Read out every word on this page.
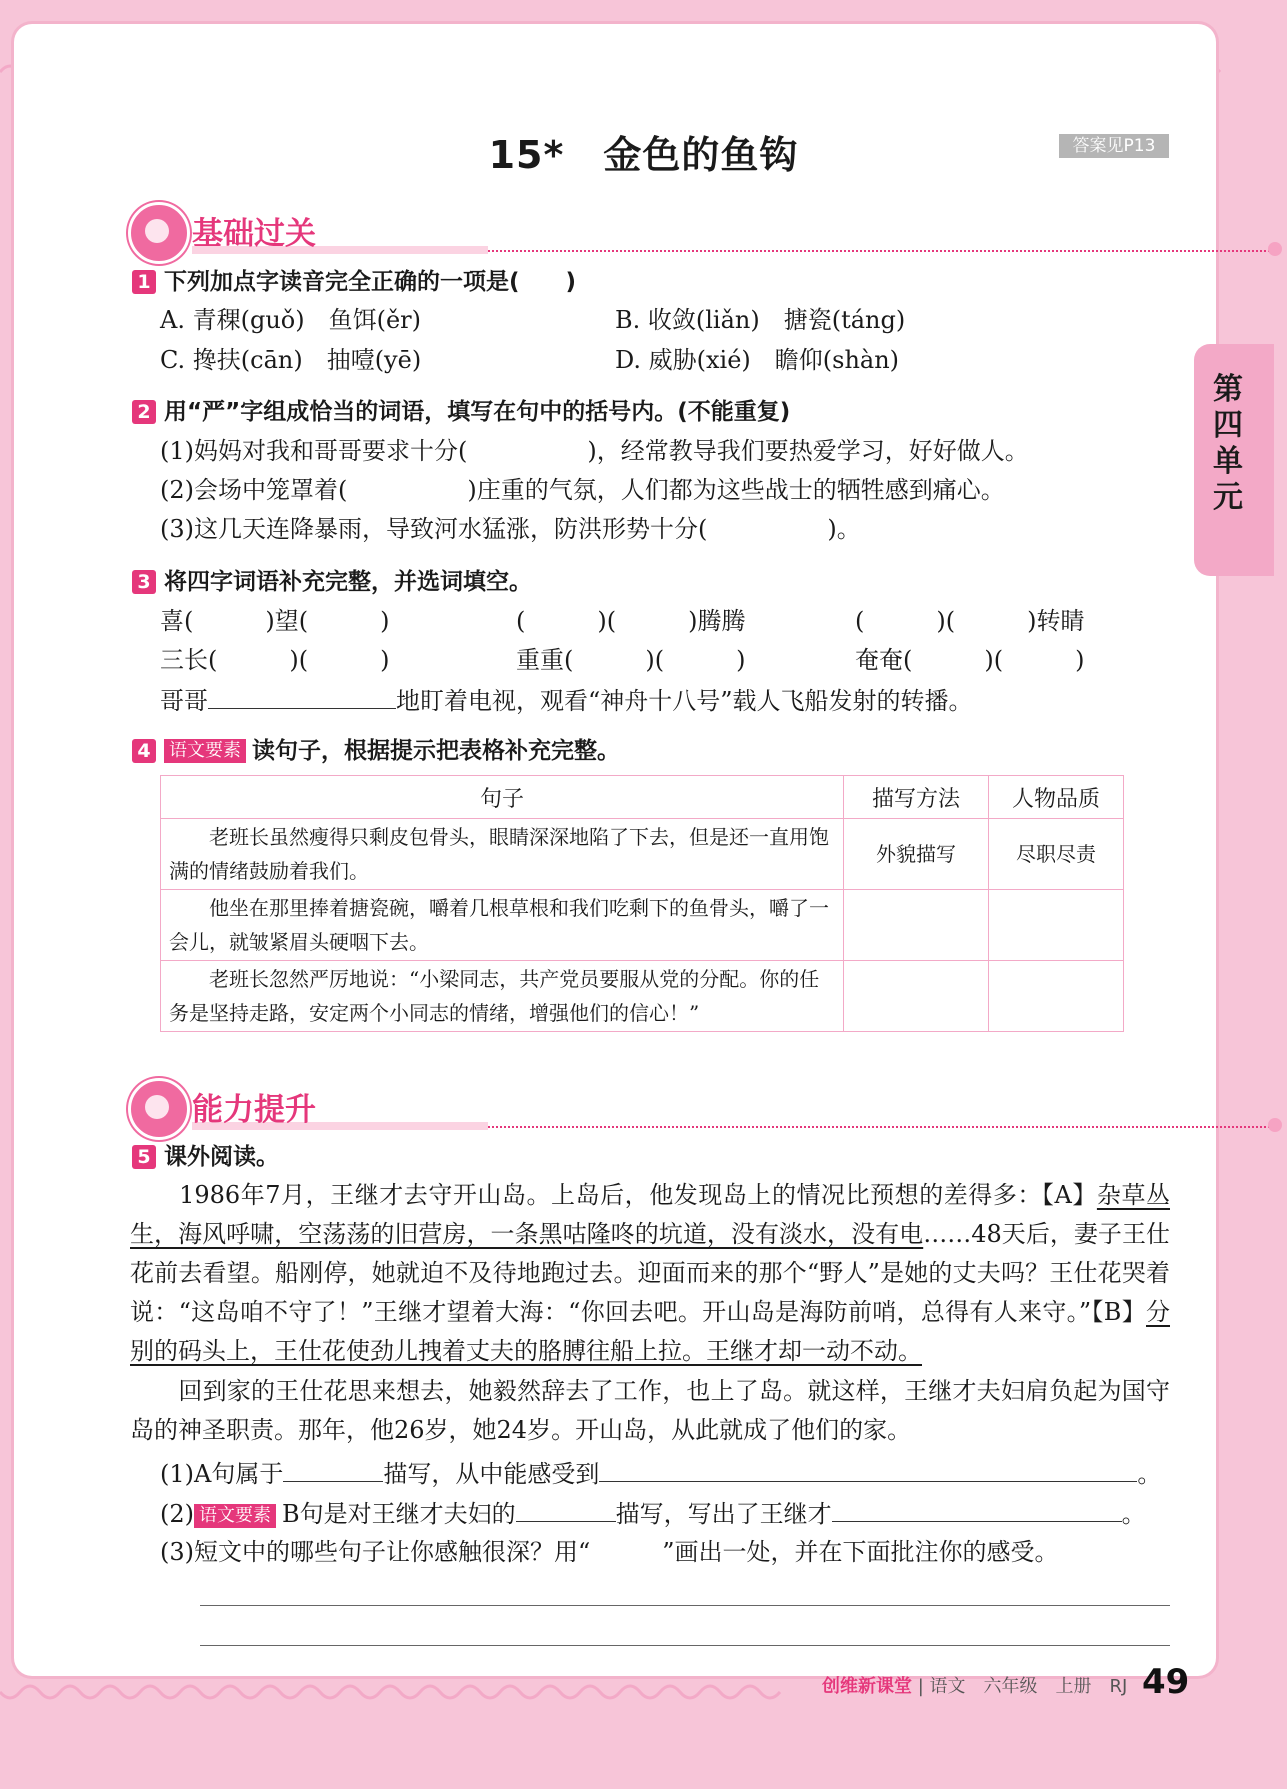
第四单元
15*　金色的鱼钩	答案见P13
基础过关
1 下列加点字读音完全正确的一项是(　　)
A. 青稞(guǒ)　鱼饵(ěr)	B. 收敛(liǎn)　搪瓷(táng)
C. 搀扶(cān)　抽噎(yē)	D. 威胁(xié)　瞻仰(shàn)
2 用“严”字组成恰当的词语，填写在句中的括号内。(不能重复)
(1)妈妈对我和哥哥要求十分(　　　　　)，经常教导我们要热爱学习，好好做人。
(2)会场中笼罩着(　　　　　)庄重的气氛，人们都为这些战士的牺牲感到痛心。
(3)这几天连降暴雨，导致河水猛涨，防洪形势十分(　　　　　)。
3 将四字词语补充完整，并选词填空。
喜(　　　)望(　　　)	(　　　)(　　　)腾腾	(　　　)(　　　)转睛
三长(　　　)(　　　)	重重(　　　)(　　　)	奄奄(　　　)(　　　)
哥哥	地盯着电视，观看“神舟十八号”载人飞船发射的转播。
4 语文要素 读句子，根据提示把表格补充完整。
句子	描写方法	人物品质
　　老班长虽然瘦得只剩皮包骨头，眼睛深深地陷了下去，但是还一直用饱满的情绪鼓励着我们。	外貌描写	尽职尽责
　　他坐在那里捧着搪瓷碗，嚼着几根草根和我们吃剩下的鱼骨头，嚼了一会儿，就皱紧眉头硬咽下去。		
　　老班长忽然严厉地说：“小梁同志，共产党员要服从党的分配。你的任务是坚持走路，安定两个小同志的情绪，增强他们的信心！”		
能力提升
5 课外阅读。
　　1986年7月，王继才去守开山岛。上岛后，他发现岛上的情况比预想的差得多：【A】杂草丛生，海风呼啸，空荡荡的旧营房，一条黑咕隆咚的坑道，没有淡水，没有电……48天后，妻子王仕花前去看望。船刚停，她就迫不及待地跑过去。迎面而来的那个“野人”是她的丈夫吗？王仕花哭着说：“这岛咱不守了！”王继才望着大海：“你回去吧。开山岛是海防前哨，总得有人来守。”【B】分别的码头上，王仕花使劲儿拽着丈夫的胳膊往船上拉。王继才却一动不动。
　　回到家的王仕花思来想去，她毅然辞去了工作，也上了岛。就这样，王继才夫妇肩负起为国守岛的神圣职责。那年，他26岁，她24岁。开山岛，从此就成了他们的家。
(1)A句属于	描写，从中能感受到	。
(2) 语文要素 B句是对王继才夫妇的	描写，写出了王继才	。
(3)短文中的哪些句子让你感触很深？用“　　　”画出一处，并在下面批注你的感受。
创维新课堂 | 语文　六年级　上册　RJ 49
